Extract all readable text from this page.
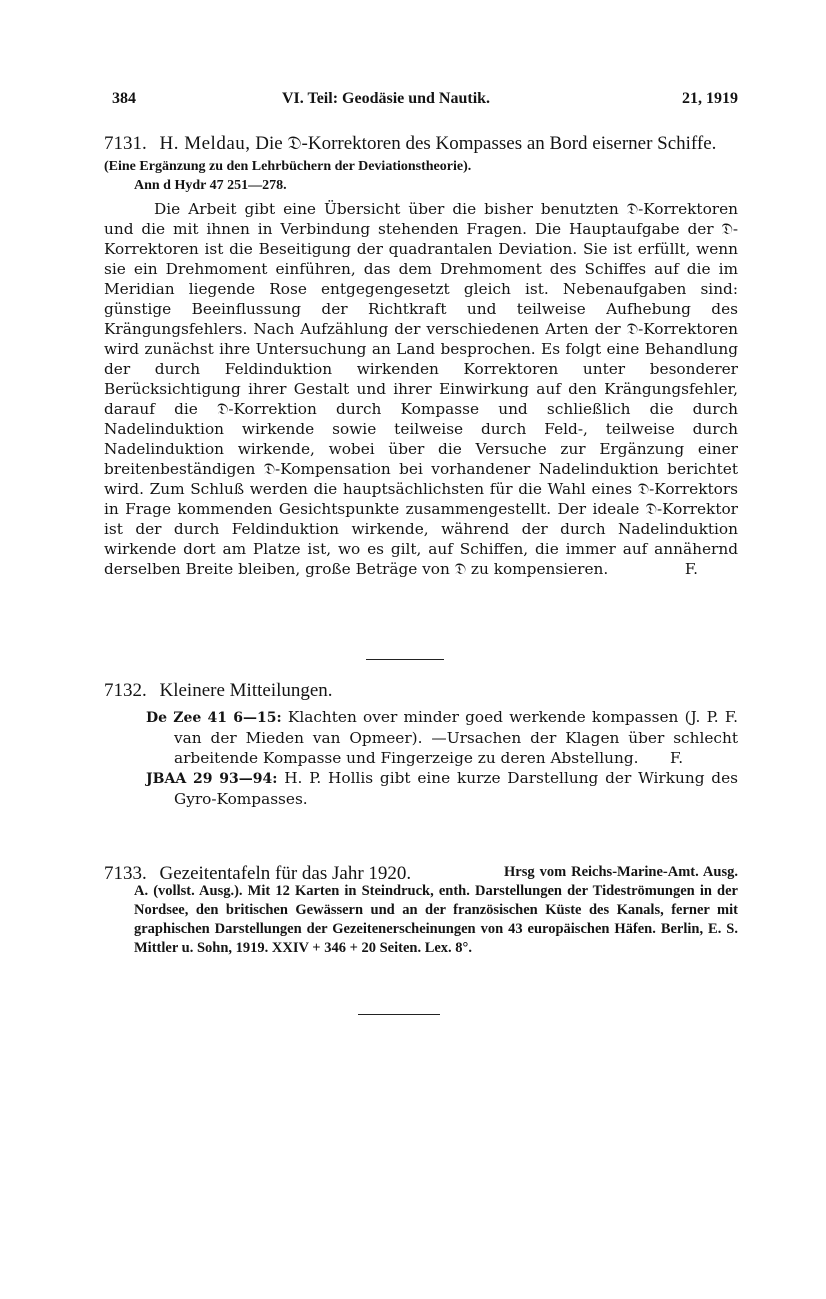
384	VI. Teil: Geodäsie und Nautik.	21, 1919
7131. H. Meldau, Die 𝔇-Korrektoren des Kompasses an Bord eiserner Schiffe. (Eine Ergänzung zu den Lehrbüchern der Deviationstheorie).
Ann d Hydr 47 251—278.

Die Arbeit gibt eine Übersicht über die bisher benutzten 𝔇-Korrektoren und die mit ihnen in Verbindung stehenden Fragen. Die Hauptaufgabe der 𝔇-Korrektoren ist die Beseitigung der quadrantalen Deviation. Sie ist erfüllt, wenn sie ein Drehmoment einführen, das dem Drehmoment des Schiffes auf die im Meridian liegende Rose entgegengesetzt gleich ist. Nebenaufgaben sind: günstige Beeinflussung der Richtkraft und teilweise Aufhebung des Krängungsfehlers. Nach Aufzählung der verschiedenen Arten der 𝔇-Korrektoren wird zunächst ihre Untersuchung an Land besprochen. Es folgt eine Behandlung der durch Feldinduktion wirkenden Korrektoren unter besonderer Berücksichtigung ihrer Gestalt und ihrer Einwirkung auf den Krängungsfehler, darauf die 𝔇-Korrektion durch Kompasse und schließlich die durch Nadelinduktion wirkende sowie teilweise durch Feld-, teilweise durch Nadelinduktion wirkende, wobei über die Versuche zur Ergänzung einer breitenbeständigen 𝔇-Kompensation bei vorhandener Nadelinduktion berichtet wird. Zum Schluß werden die hauptsächlichsten für die Wahl eines 𝔇-Korrektors in Frage kommenden Gesichtspunkte zusammengestellt. Der ideale 𝔇-Korrektor ist der durch Feldinduktion wirkende, während der durch Nadelinduktion wirkende dort am Platze ist, wo es gilt, auf Schiffen, die immer auf annähernd derselben Breite bleiben, große Beträge von 𝔇 zu kompensieren.	F.

7132. Kleinere Mitteilungen.

De Zee 41 6—15: Klachten over minder goed werkende kompassen (J. P. F. van der Mieden van Opmeer). —Ursachen der Klagen über schlecht arbeitende Kompasse und Fingerzeige zu deren Abstellung. F.

JBAA 29 93—94: H. P. Hollis gibt eine kurze Darstellung der Wirkung des Gyro-Kompasses.

7133. Gezeitentafeln für das Jahr 1920.	Hrsg vom Reichs-Marine-Amt. Ausg. A. (vollst. Ausg.). Mit 12 Karten in Steindruck, enth. Darstellungen der Tideströmungen in der Nordsee, den britischen Gewässern und an der französischen Küste des Kanals, ferner mit graphischen Darstellungen der Gezeitenerscheinungen von 43 europäischen Häfen. Berlin, E. S. Mittler u. Sohn, 1919. XXIV + 346 + 20 Seiten. Lex. 8°.
